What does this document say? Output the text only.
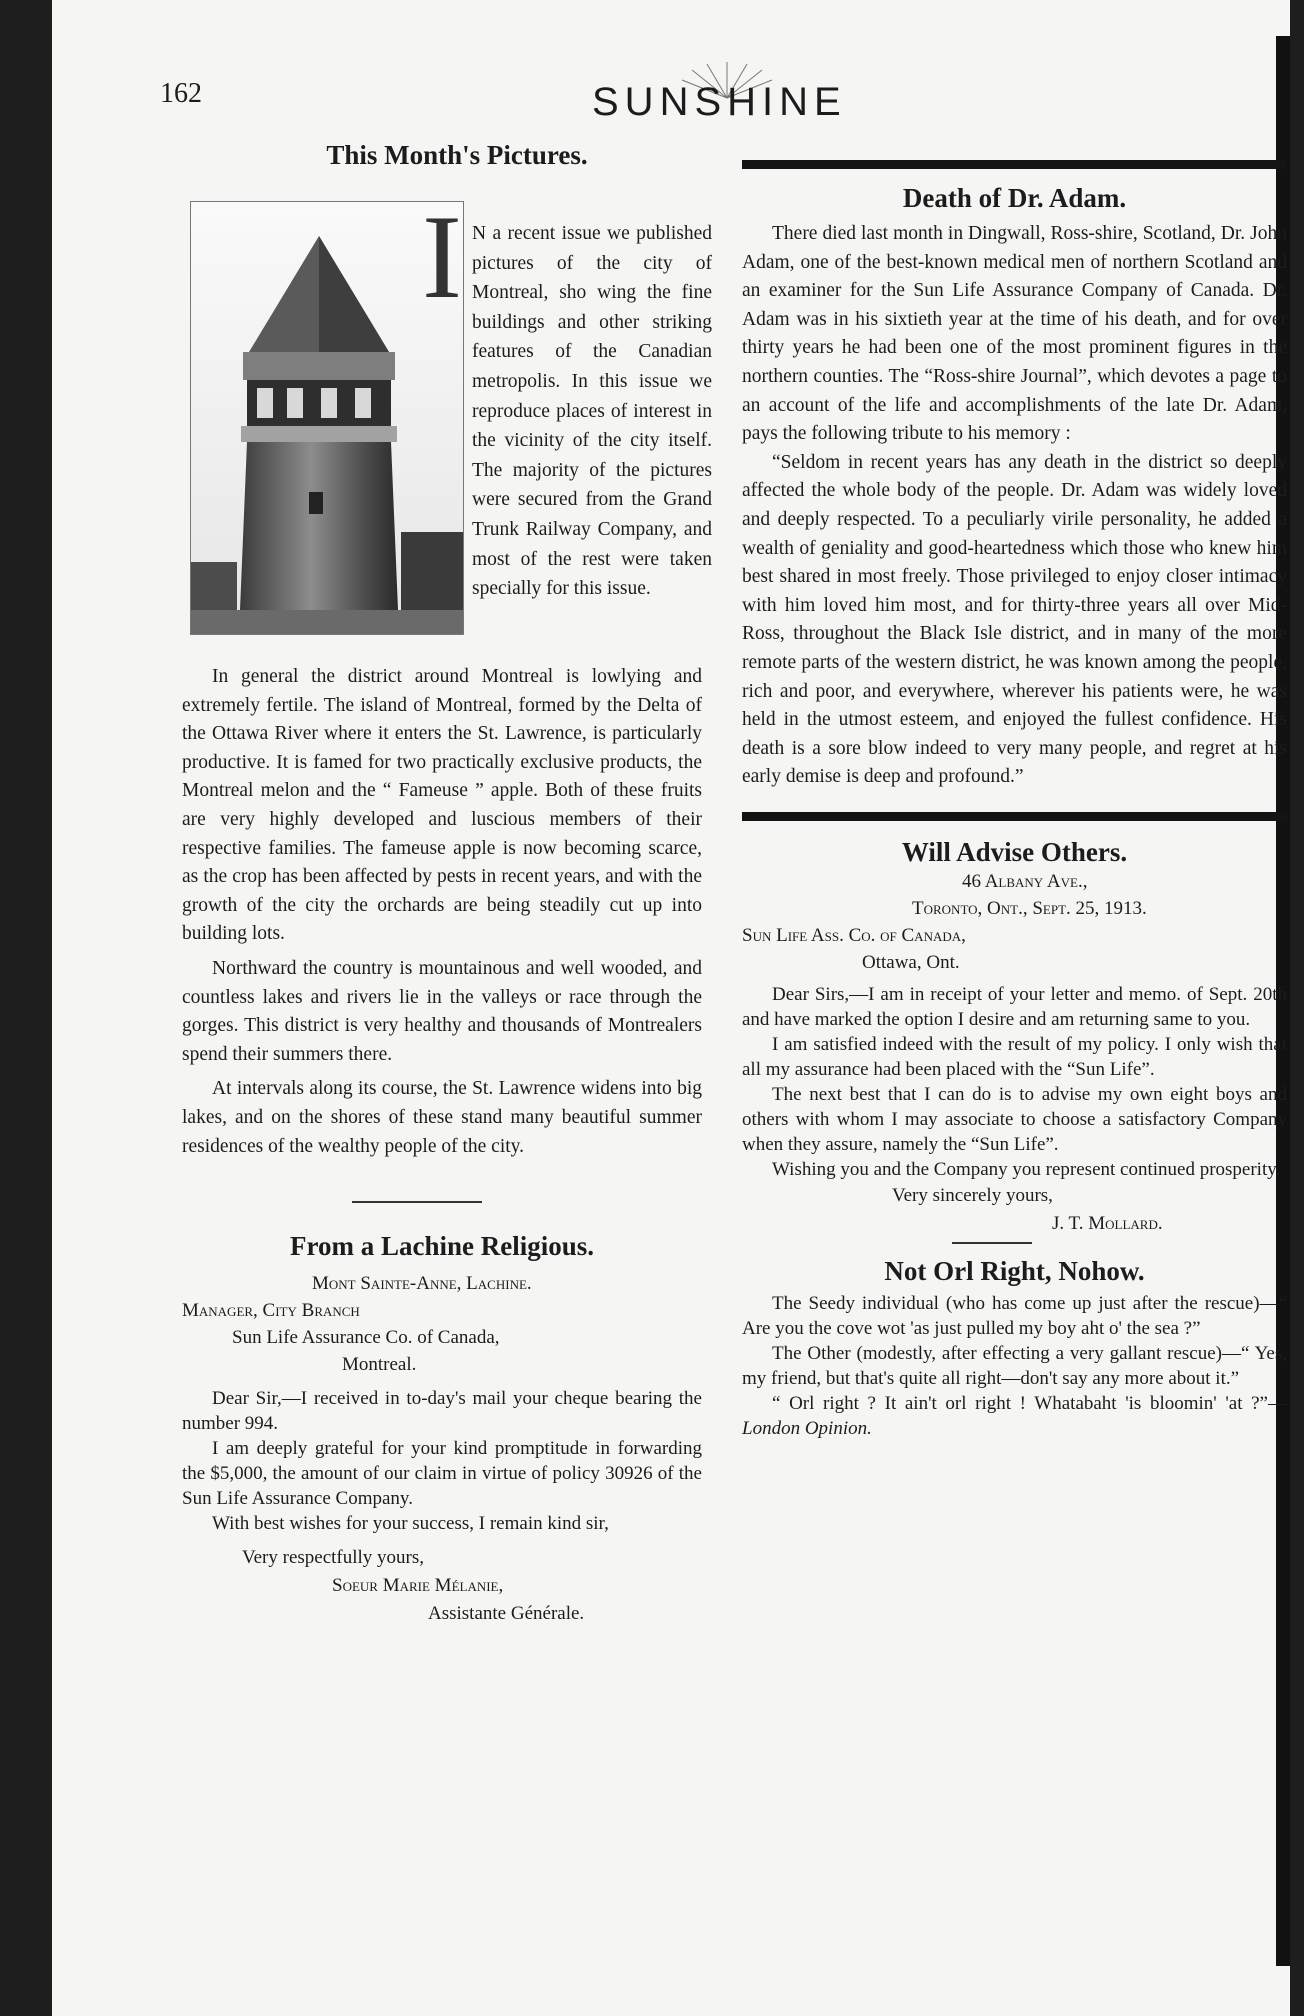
162	SUNSHINE
This Month's Pictures.
I N a recent issue we published pictures of the city of Montreal, sho wing the fine buildings and other striking features of the Canadian metropolis. In this issue we reproduce places of interest in the vicinity of the city itself. The majority of the pictures were secured from the Grand Trunk Railway Company, and most of the rest were taken specially for this issue.

In general the district around Montreal is lowlying and extremely fertile. The island of Montreal, formed by the Delta of the Ottawa River where it enters the St. Lawrence, is particularly productive. It is famed for two practically exclusive products, the Montreal melon and the “ Fameuse ” apple. Both of these fruits are very highly developed and luscious members of their respective families. The fameuse apple is now becoming scarce, as the crop has been affected by pests in recent years, and with the growth of the city the orchards are being steadily cut up into building lots.

Northward the country is mountainous and well wooded, and countless lakes and rivers lie in the valleys or race through the gorges. This district is very healthy and thousands of Montrealers spend their summers there.

At intervals along its course, the St. Lawrence widens into big lakes, and on the shores of these stand many beautiful summer residences of the wealthy people of the city.

From a Lachine Religious.
Mont Sainte-Anne, Lachine.
Manager, City Branch
Sun Life Assurance Co. of Canada,
Montreal.

Dear Sir,—I received in to-day's mail your cheque bearing the number 994.

I am deeply grateful for your kind promptitude in forwarding the $5,000, the amount of our claim in virtue of policy 30926 of the Sun Life Assurance Company.

With best wishes for your success, I remain kind sir,

Very respectfully yours,
Soeur Marie Mélanie,
Assistante Générale.
Death of Dr. Adam.

There died last month in Dingwall, Ross-shire, Scotland, Dr. John Adam, one of the best-known medical men of northern Scotland and an examiner for the Sun Life Assurance Company of Canada. Dr. Adam was in his sixtieth year at the time of his death, and for over thirty years he had been one of the most prominent figures in the northern counties. The “Ross-shire Journal”, which devotes a page to an account of the life and accomplishments of the late Dr. Adam, pays the following tribute to his memory :

“Seldom in recent years has any death in the district so deeply affected the whole body of the people. Dr. Adam was widely loved and deeply respected. To a peculiarly virile personality, he added a wealth of geniality and good-heartedness which those who knew him best shared in most freely. Those privileged to enjoy closer intimacy with him loved him most, and for thirty-three years all over Mid-Ross, throughout the Black Isle district, and in many of the more remote parts of the western district, he was known among the people, rich and poor, and everywhere, wherever his patients were, he was held in the utmost esteem, and enjoyed the fullest confidence. His death is a sore blow indeed to very many people, and regret at his early demise is deep and profound.”

Will Advise Others.
46 Albany Ave.,
Toronto, Ont., Sept. 25, 1913.
Sun Life Ass. Co. of Canada,
Ottawa, Ont.

Dear Sirs,—I am in receipt of your letter and memo. of Sept. 20th and have marked the option I desire and am returning same to you.

I am satisfied indeed with the result of my policy. I only wish that all my assurance had been placed with the “Sun Life”.

The next best that I can do is to advise my own eight boys and others with whom I may associate to choose a satisfactory Company when they assure, namely the “Sun Life”.

Wishing you and the Company you represent continued prosperity.

Very sincerely yours,
J. T. Mollard.
Not Orl Right, Nohow.

The Seedy individual (who has come up just after the rescue)—“ Are you the cove wot 'as just pulled my boy aht o' the sea ?”

The Other (modestly, after effecting a very gallant rescue)—“ Yes, my friend, but that's quite all right—don't say any more about it.”

“ Orl right ? It ain't orl right ! Whatabaht 'is bloomin' 'at ?”—London Opinion.
